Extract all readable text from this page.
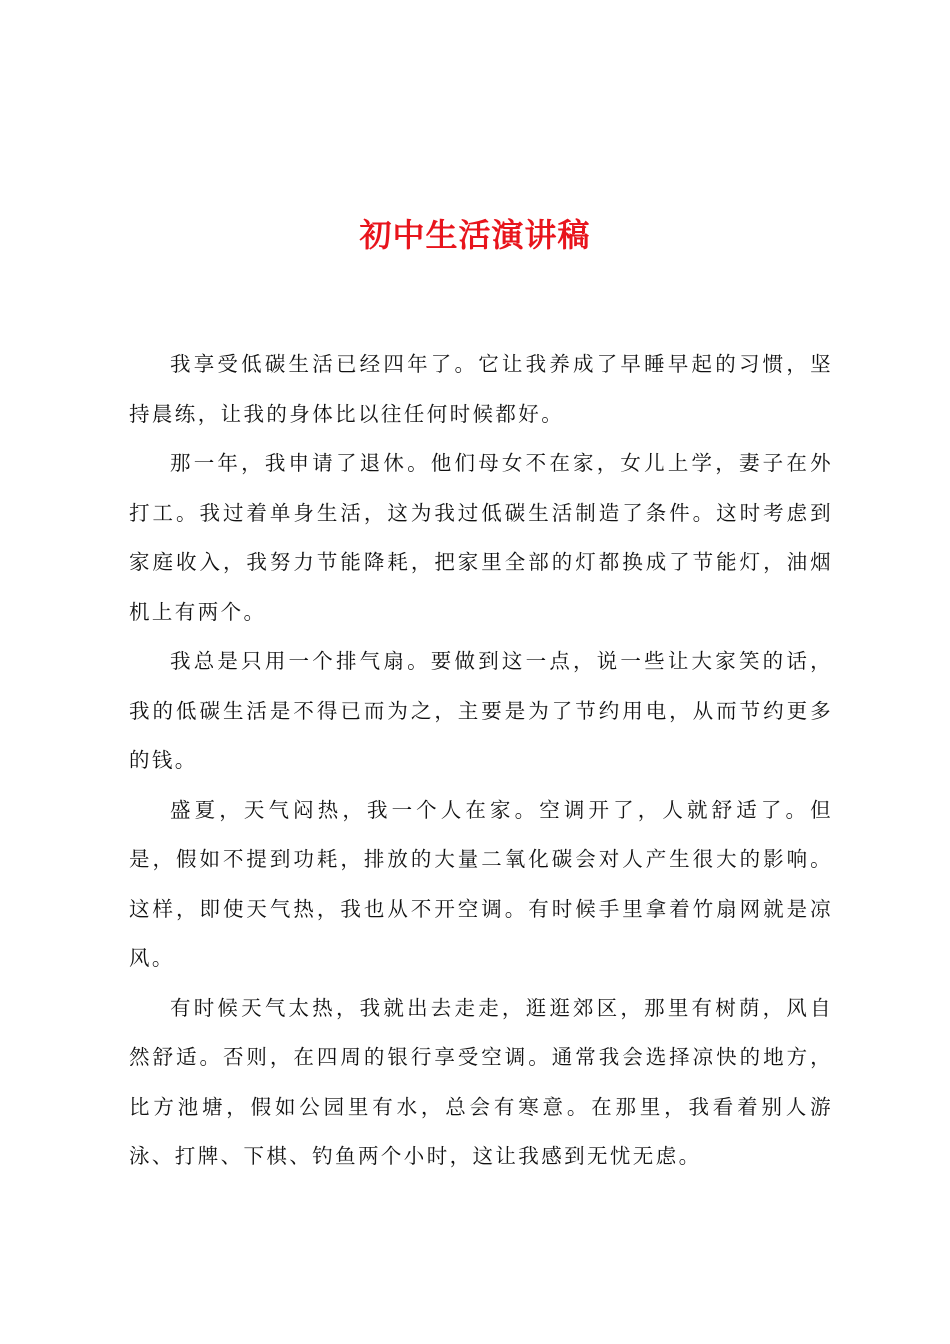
初中生活演讲稿

我享受低碳生活已经四年了。它让我养成了早睡早起的习惯，坚持晨练，让我的身体比以往任何时候都好。

那一年，我申请了退休。他们母女不在家，女儿上学，妻子在外打工。我过着单身生活，这为我过低碳生活制造了条件。这时考虑到家庭收入，我努力节能降耗，把家里全部的灯都换成了节能灯，油烟机上有两个。

我总是只用一个排气扇。要做到这一点，说一些让大家笑的话，我的低碳生活是不得已而为之，主要是为了节约用电，从而节约更多的钱。

盛夏，天气闷热，我一个人在家。空调开了，人就舒适了。但是，假如不提到功耗，排放的大量二氧化碳会对人产生很大的影响。这样，即使天气热，我也从不开空调。有时候手里拿着竹扇网就是凉风。

有时候天气太热，我就出去走走，逛逛郊区，那里有树荫，风自然舒适。否则，在四周的银行享受空调。通常我会选择凉快的地方，比方池塘，假如公园里有水，总会有寒意。在那里，我看着别人游泳、打牌、下棋、钓鱼两个小时，这让我感到无忧无虑。
